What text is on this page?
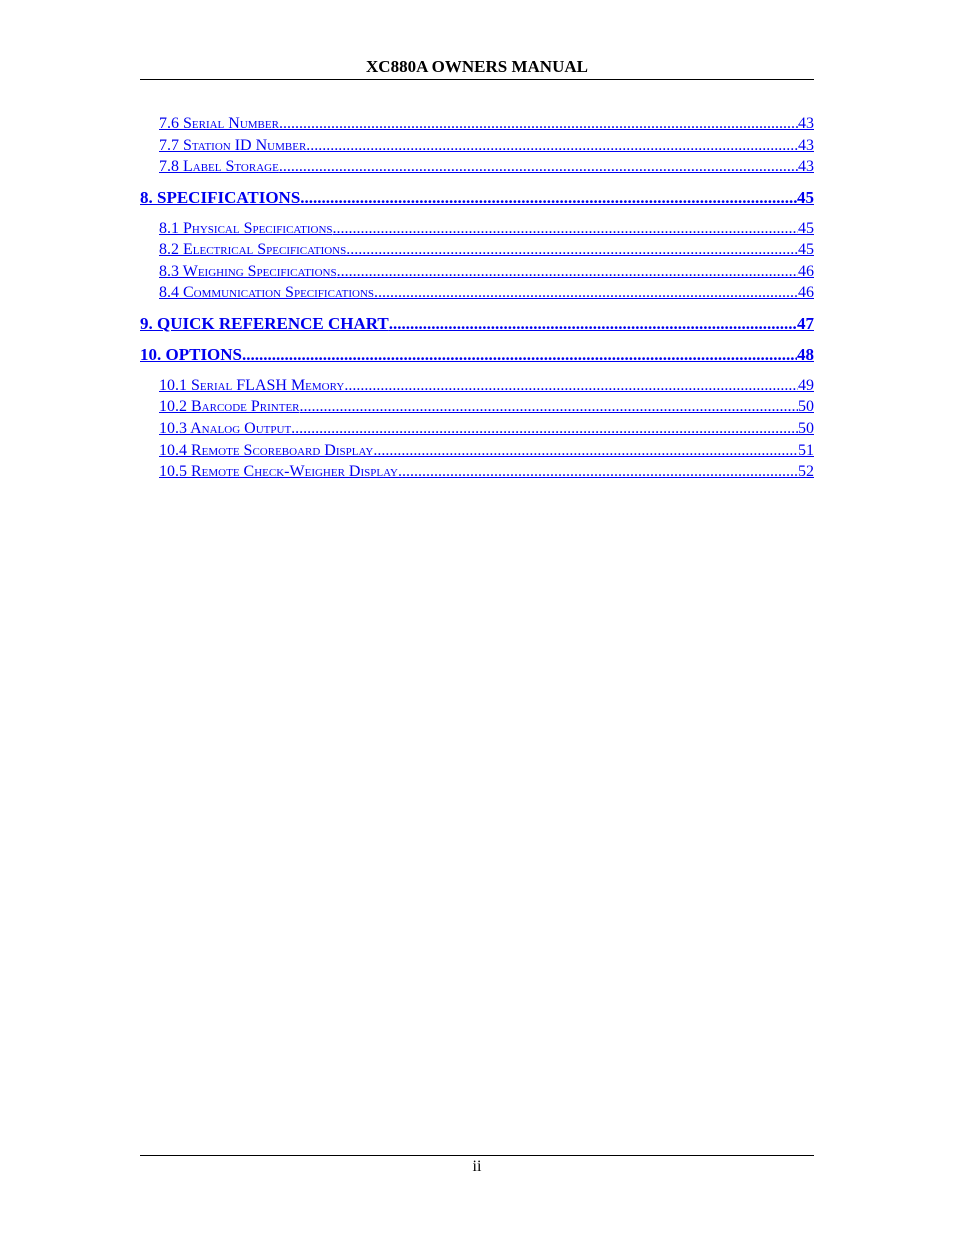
XC880A OWNERS MANUAL
7.6 Serial Number .....	43
7.7 Station ID Number .....	43
7.8 Label Storage .....	43
8. SPECIFICATIONS .....	45
8.1 Physical Specifications .....	45
8.2 Electrical Specifications .....	45
8.3 Weighing Specifications .....	46
8.4 Communication Specifications .....	46
9. QUICK REFERENCE CHART .....	47
10. OPTIONS .....	48
10.1 Serial FLASH Memory .....	49
10.2 Barcode Printer .....	50
10.3 Analog Output .....	50
10.4 Remote Scoreboard Display .....	51
10.5 Remote Check-Weigher Display .....	52
ii
